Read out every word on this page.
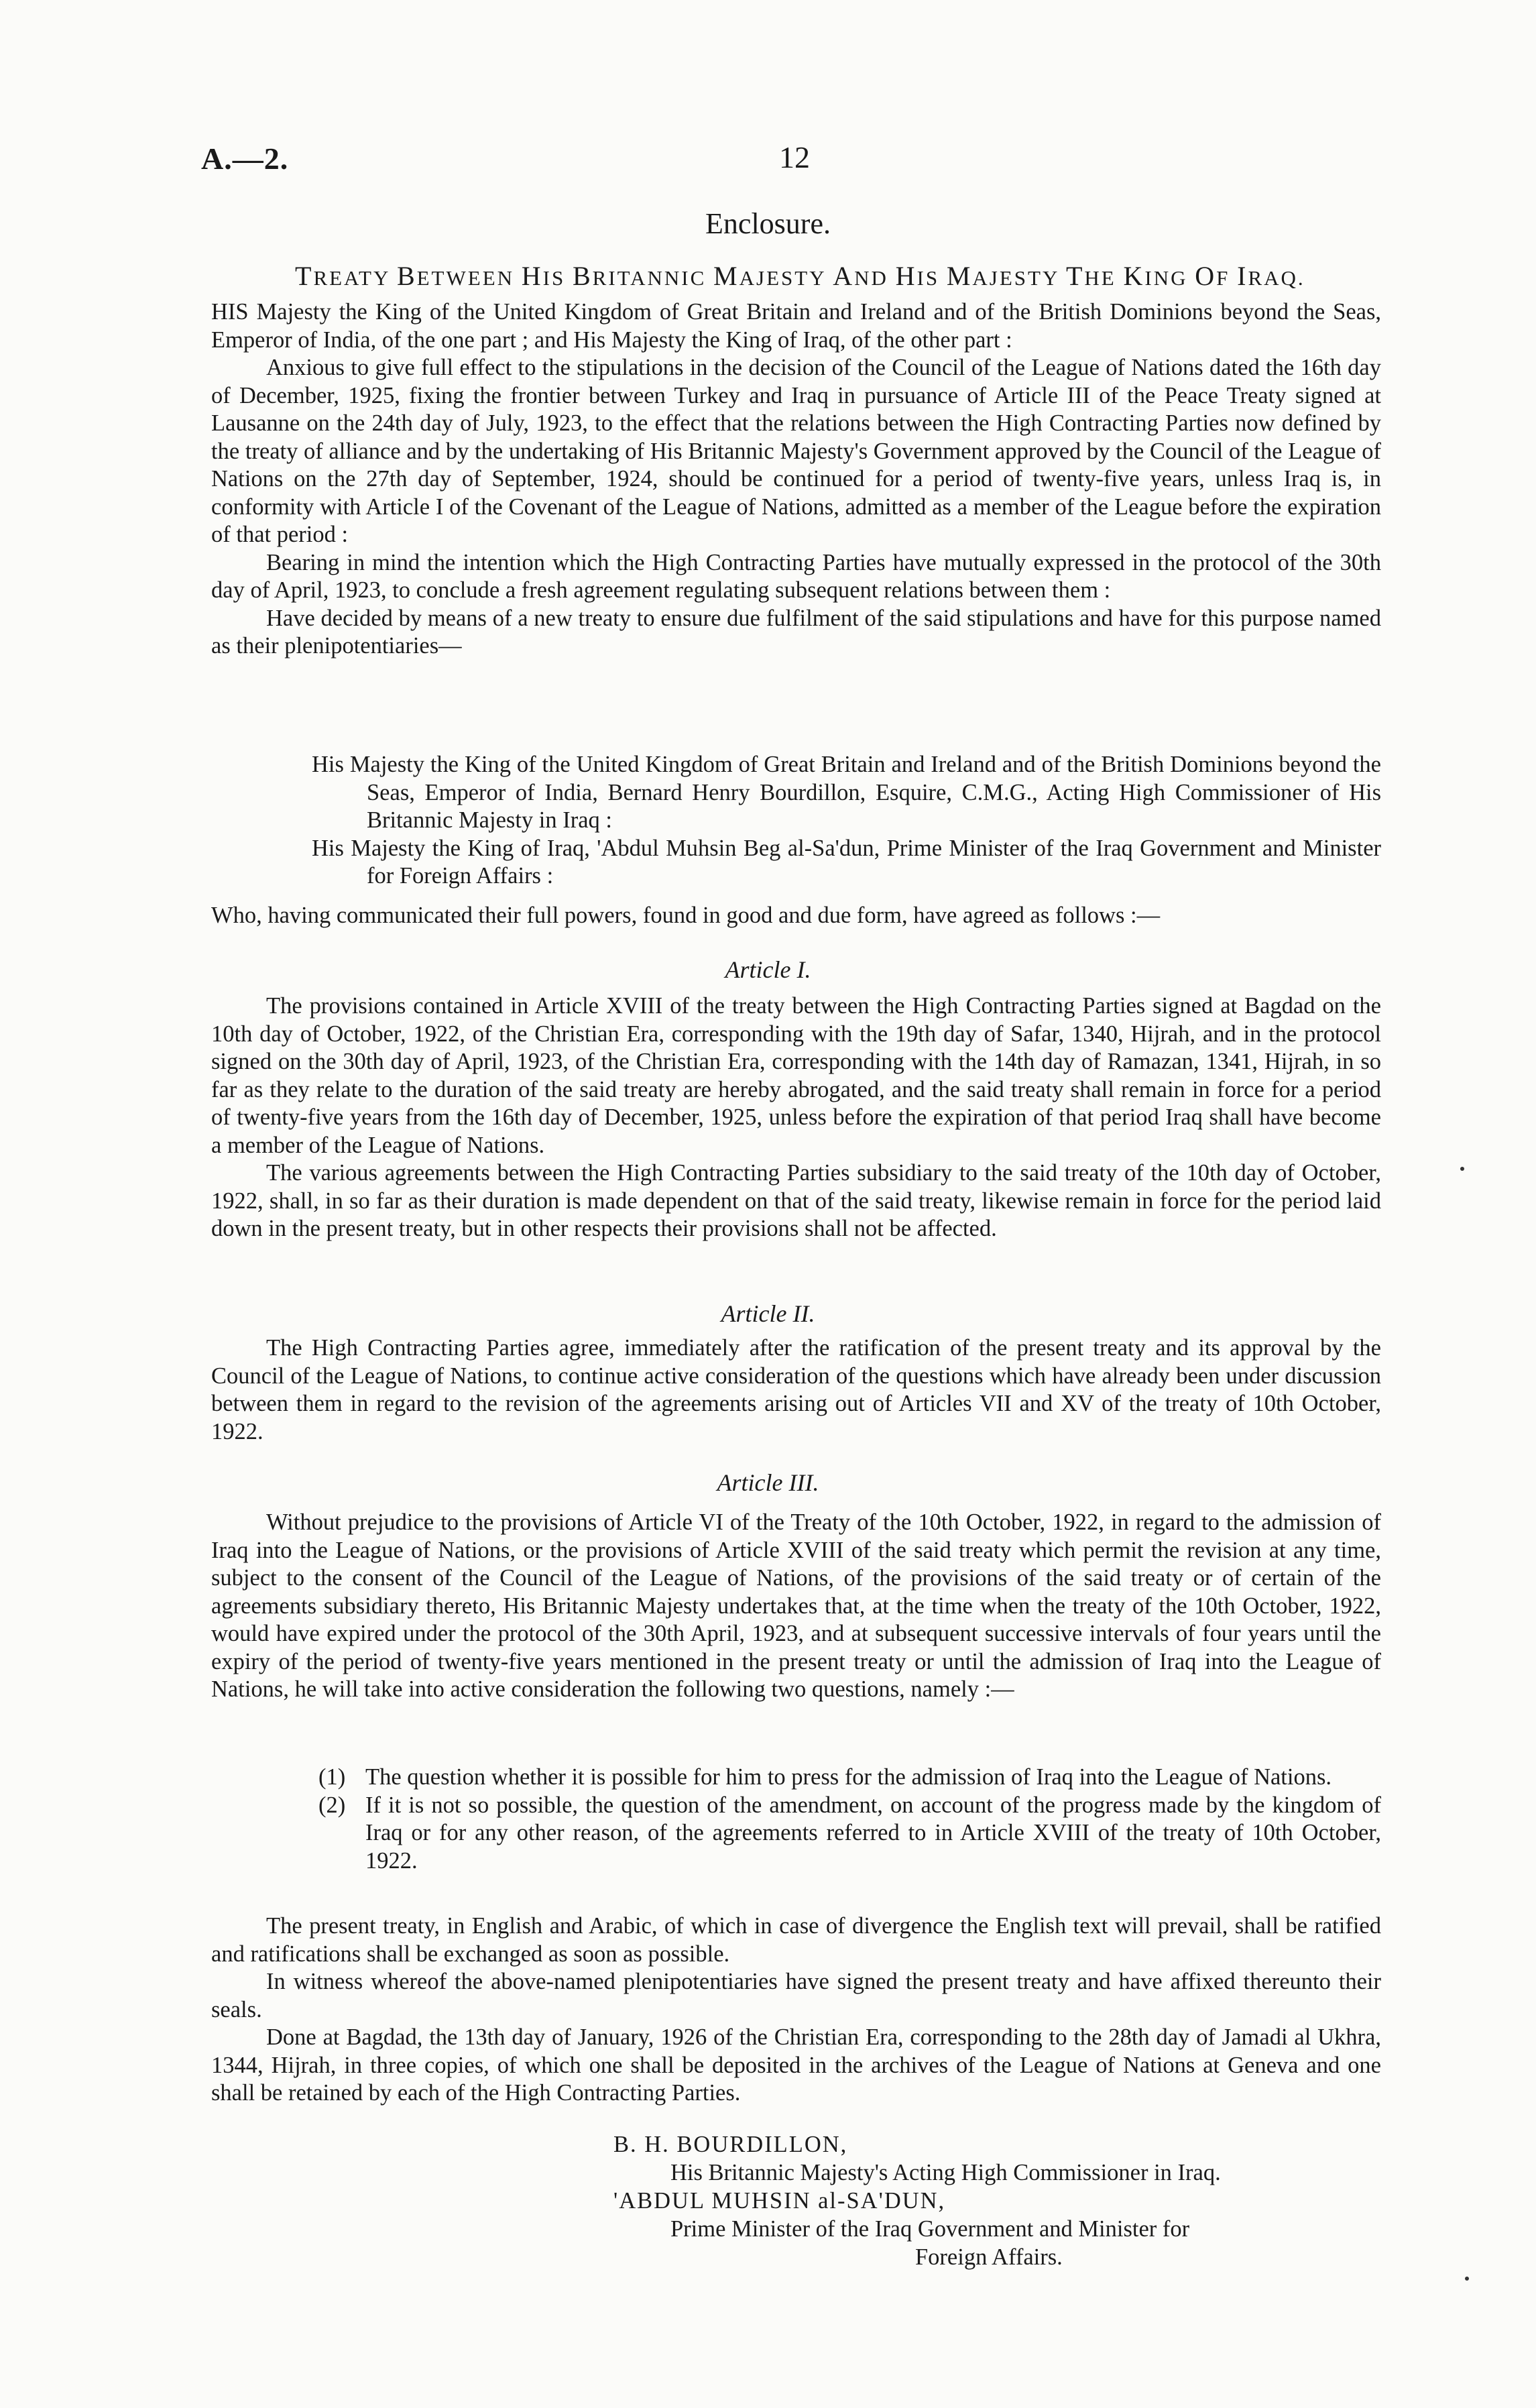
A.—2.	12
Enclosure.
TREATY BETWEEN HIS BRITANNIC MAJESTY AND HIS MAJESTY THE KING OF IRAQ.

HIS Majesty the King of the United Kingdom of Great Britain and Ireland and of the British Dominions beyond the Seas, Emperor of India, of the one part ; and His Majesty the King of Iraq, of the other part :

Anxious to give full effect to the stipulations in the decision of the Council of the League of Nations dated the 16th day of December, 1925, fixing the frontier between Turkey and Iraq in pursuance of Article III of the Peace Treaty signed at Lausanne on the 24th day of July, 1923, to the effect that the relations between the High Contracting Parties now defined by the treaty of alliance and by the undertaking of His Britannic Majesty's Government approved by the Council of the League of Nations on the 27th day of September, 1924, should be continued for a period of twenty-five years, unless Iraq is, in conformity with Article I of the Covenant of the League of Nations, admitted as a member of the League before the expiration of that period :

Bearing in mind the intention which the High Contracting Parties have mutually expressed in the protocol of the 30th day of April, 1923, to conclude a fresh agreement regulating subsequent relations between them :

Have decided by means of a new treaty to ensure due fulfilment of the said stipulations and have for this purpose named as their plenipotentiaries—

His Majesty the King of the United Kingdom of Great Britain and Ireland and of the British Dominions beyond the Seas, Emperor of India, Bernard Henry Bourdillon, Esquire, C.M.G., Acting High Commissioner of His Britannic Majesty in Iraq :

His Majesty the King of Iraq, 'Abdul Muhsin Beg al-Sa'dun, Prime Minister of the Iraq Government and Minister for Foreign Affairs :

Who, having communicated their full powers, found in good and due form, have agreed as follows :—
Article I.

The provisions contained in Article XVIII of the treaty between the High Contracting Parties signed at Bagdad on the 10th day of October, 1922, of the Christian Era, corresponding with the 19th day of Safar, 1340, Hijrah, and in the protocol signed on the 30th day of April, 1923, of the Christian Era, corresponding with the 14th day of Ramazan, 1341, Hijrah, in so far as they relate to the duration of the said treaty are hereby abrogated, and the said treaty shall remain in force for a period of twenty-five years from the 16th day of December, 1925, unless before the expiration of that period Iraq shall have become a member of the League of Nations.

The various agreements between the High Contracting Parties subsidiary to the said treaty of the 10th day of October, 1922, shall, in so far as their duration is made dependent on that of the said treaty, likewise remain in force for the period laid down in the present treaty, but in other respects their provisions shall not be affected.

Article II.

The High Contracting Parties agree, immediately after the ratification of the present treaty and its approval by the Council of the League of Nations, to continue active consideration of the questions which have already been under discussion between them in regard to the revision of the agreements arising out of Articles VII and XV of the treaty of 10th October, 1922.

Article III.

Without prejudice to the provisions of Article VI of the Treaty of the 10th October, 1922, in regard to the admission of Iraq into the League of Nations, or the provisions of Article XVIII of the said treaty which permit the revision at any time, subject to the consent of the Council of the League of Nations, of the provisions of the said treaty or of certain of the agreements subsidiary thereto, His Britannic Majesty undertakes that, at the time when the treaty of the 10th October, 1922, would have expired under the protocol of the 30th April, 1923, and at subsequent successive intervals of four years until the expiry of the period of twenty-five years mentioned in the present treaty or until the admission of Iraq into the League of Nations, he will take into active consideration the following two questions, namely :—

(1) The question whether it is possible for him to press for the admission of Iraq into the League of Nations.
(2) If it is not so possible, the question of the amendment, on account of the progress made by the kingdom of Iraq or for any other reason, of the agreements referred to in Article XVIII of the treaty of 10th October, 1922.

The present treaty, in English and Arabic, of which in case of divergence the English text will prevail, shall be ratified and ratifications shall be exchanged as soon as possible.

In witness whereof the above-named plenipotentiaries have signed the present treaty and have affixed thereunto their seals.

Done at Bagdad, the 13th day of January, 1926 of the Christian Era, corresponding to the 28th day of Jamadi al Ukhra, 1344, Hijrah, in three copies, of which one shall be deposited in the archives of the League of Nations at Geneva and one shall be retained by each of the High Contracting Parties.

B. H. BOURDILLON,
His Britannic Majesty's Acting High Commissioner in Iraq.
'ABDUL MUHSIN al-SA'DUN,
Prime Minister of the Iraq Government and Minister for
Foreign Affairs.
